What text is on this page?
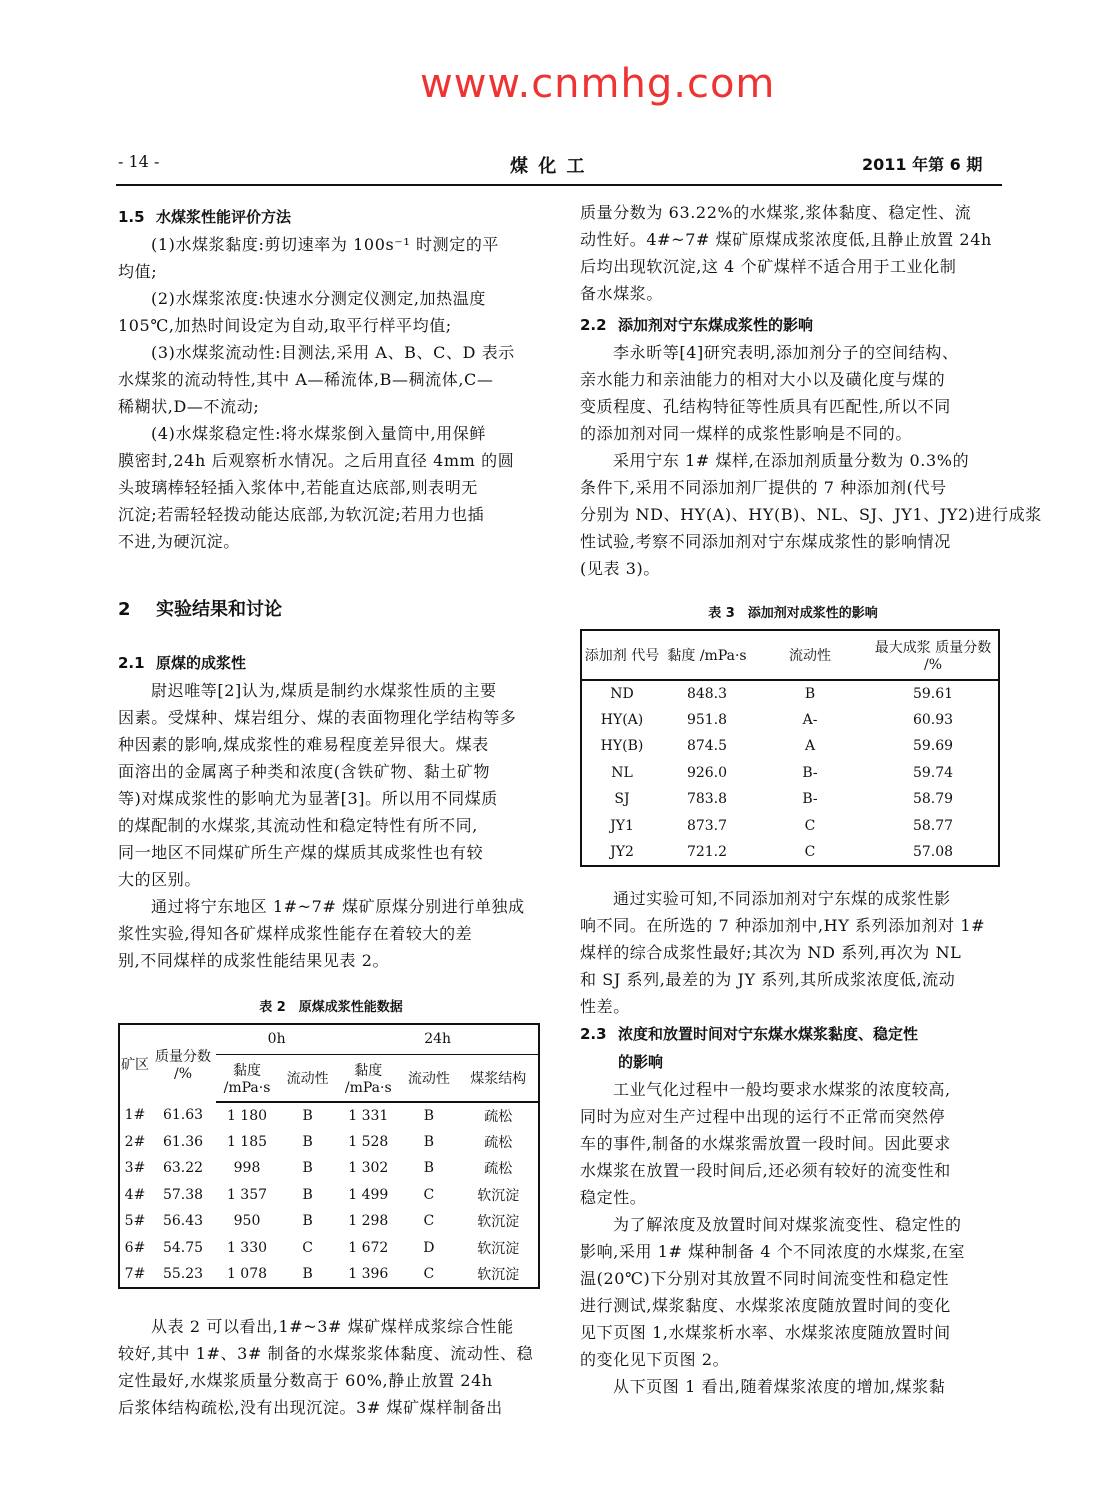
- 14 -	煤 化 工	2011 年第 6 期
1.5 水煤浆性能评价方法
(1)水煤浆黏度:剪切速率为 100s⁻¹ 时测定的平
均值;
(2)水煤浆浓度:快速水分测定仪测定,加热温度
105℃,加热时间设定为自动,取平行样平均值;
(3)水煤浆流动性:目测法,采用 A、B、C、D 表示
水煤浆的流动特性,其中 A—稀流体,B—稠流体,C—
稀糊状,D—不流动;
(4)水煤浆稳定性:将水煤浆倒入量筒中,用保鲜
膜密封,24h 后观察析水情况。之后用直径 4mm 的圆
头玻璃棒轻轻插入浆体中,若能直达底部,则表明无
沉淀;若需轻轻拨动能达底部,为软沉淀;若用力也插
不进,为硬沉淀。
2 实验结果和讨论
2.1 原煤的成浆性
尉迟唯等[2]认为,煤质是制约水煤浆性质的主要
因素。受煤种、煤岩组分、煤的表面物理化学结构等多
种因素的影响,煤成浆性的难易程度差异很大。煤表
面溶出的金属离子种类和浓度(含铁矿物、黏土矿物
等)对煤成浆性的影响尤为显著[3]。所以用不同煤质
的煤配制的水煤浆,其流动性和稳定特性有所不同,
同一地区不同煤矿所生产煤的煤质其成浆性也有较
大的区别。
通过将宁东地区 1#~7# 煤矿原煤分别进行单独成
浆性实验,得知各矿煤样成浆性能存在着较大的差
别,不同煤样的成浆性能结果见表 2。
表 2　原煤成浆性能数据
矿区	质量分数 /%	0h		24h		
		黏度 /mPa·s	流动性	黏度 /mPa·s	流动性	煤浆结构
1#	61.63	1 180	B	1 331	B	疏松
2#	61.36	1 185	B	1 528	B	疏松
3#	63.22	998	B	1 302	B	疏松
4#	57.38	1 357	B	1 499	C	软沉淀
5#	56.43	950	B	1 298	C	软沉淀
6#	54.75	1 330	C	1 672	D	软沉淀
7#	55.23	1 078	B	1 396	C	软沉淀
从表 2 可以看出,1#~3# 煤矿煤样成浆综合性能
较好,其中 1#、3# 制备的水煤浆浆体黏度、流动性、稳
定性最好,水煤浆质量分数高于 60%,静止放置 24h
后浆体结构疏松,没有出现沉淀。3# 煤矿煤样制备出
质量分数为 63.22%的水煤浆,浆体黏度、稳定性、流
动性好。4#~7# 煤矿原煤成浆浓度低,且静止放置 24h
后均出现软沉淀,这 4 个矿煤样不适合用于工业化制
备水煤浆。
2.2 添加剂对宁东煤成浆性的影响
李永昕等[4]研究表明,添加剂分子的空间结构、
亲水能力和亲油能力的相对大小以及磺化度与煤的
变质程度、孔结构特征等性质具有匹配性,所以不同
的添加剂对同一煤样的成浆性影响是不同的。
采用宁东 1# 煤样,在添加剂质量分数为 0.3%的
条件下,采用不同添加剂厂提供的 7 种添加剂(代号
分别为 ND、HY(A)、HY(B)、NL、SJ、JY1、JY2)进行成浆
性试验,考察不同添加剂对宁东煤成浆性的影响情况
(见表 3)。
表 3　添加剂对成浆性的影响
添加剂 代号	黏度 /mPa·s	流动性	最大成浆 质量分数 /%
ND	848.3	B	59.61
HY(A)	951.8	A-	60.93
HY(B)	874.5	A	59.69
NL	926.0	B-	59.74
SJ	783.8	B-	58.79
JY1	873.7	C	58.77
JY2	721.2	C	57.08
通过实验可知,不同添加剂对宁东煤的成浆性影
响不同。在所选的 7 种添加剂中,HY 系列添加剂对 1#
煤样的综合成浆性最好;其次为 ND 系列,再次为 NL
和 SJ 系列,最差的为 JY 系列,其所成浆浓度低,流动
性差。
2.3 浓度和放置时间对宁东煤水煤浆黏度、稳定性
的影响
工业气化过程中一般均要求水煤浆的浓度较高,
同时为应对生产过程中出现的运行不正常而突然停
车的事件,制备的水煤浆需放置一段时间。因此要求
水煤浆在放置一段时间后,还必须有较好的流变性和
稳定性。
为了解浓度及放置时间对煤浆流变性、稳定性的
影响,采用 1# 煤种制备 4 个不同浓度的水煤浆,在室
温(20℃)下分别对其放置不同时间流变性和稳定性
进行测试,煤浆黏度、水煤浆浓度随放置时间的变化
见下页图 1,水煤浆析水率、水煤浆浓度随放置时间
的变化见下页图 2。
从下页图 1 看出,随着煤浆浓度的增加,煤浆黏
www.cnmhg.com
